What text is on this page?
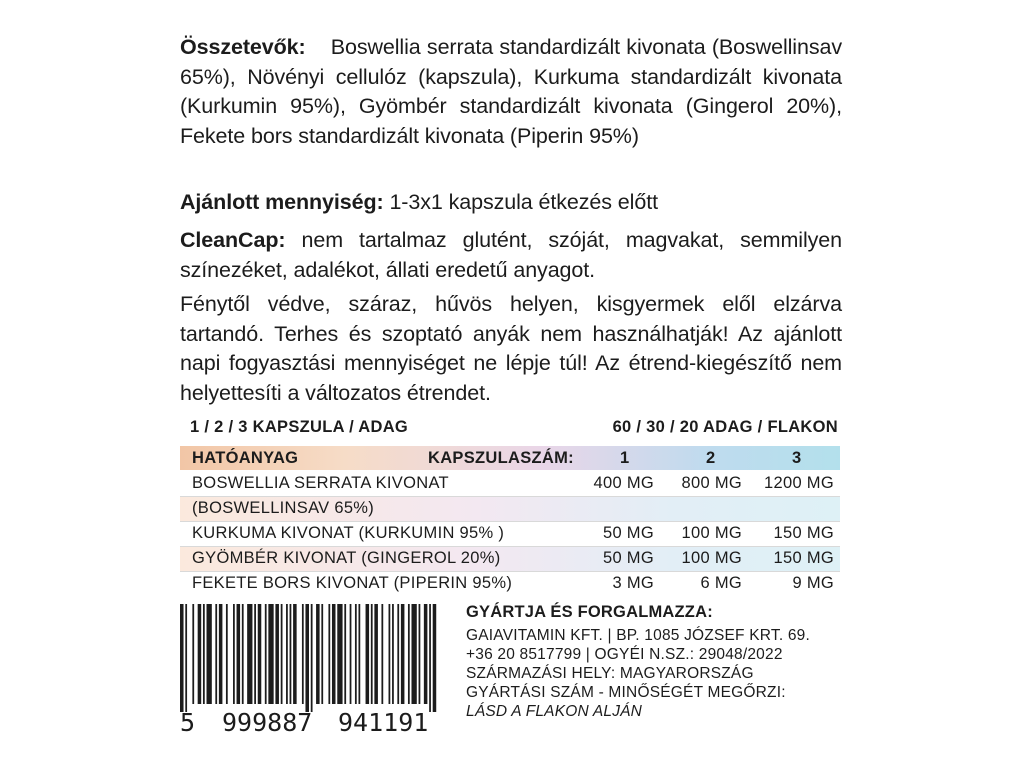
Összetevők: Boswellia serrata standardizált kivonata (Boswellinsav 65%), Növényi cellulóz (kapszula), Kurkuma standardizált kivonata (Kurkumin 95%), Gyömbér standardizált kivonata (Gingerol 20%), Fekete bors standardizált kivonata (Piperin 95%)
Ajánlott mennyiség: 1-3x1 kapszula étkezés előtt
CleanCap: nem tartalmaz glutént, szóját, magvakat, semmilyen színezéket, adalékot, állati eredetű anyagot.
Fénytől védve, száraz, hűvös helyen, kisgyermek elől elzárva tartandó. Terhes és szoptató anyák nem használhatják! Az ajánlott napi fogyasztási mennyiséget ne lépje túl! Az étrend-kiegészítő nem helyettesíti a változatos étrendet.
1 / 2 / 3 KAPSZULA / ADAG	60 / 30 / 20 ADAG / FLAKON
HATÓANYAG	KAPSZULASZÁM:	1	2	3
BOSWELLIA SERRATA KIVONAT	400 MG 800 MG 1200 MG
(BOSWELLINSAV 65%)
KURKUMA KIVONAT (KURKUMIN 95% )	50 MG 100 MG 150 MG
GYÖMBÉR KIVONAT (GINGEROL 20%)	50 MG 100 MG 150 MG
FEKETE BORS KIVONAT (PIPERIN 95%)	3 MG	6 MG	9 MG
5 999887 941191
GYÁRTJA ÉS FORGALMAZZA:
GAIAVITAMIN KFT. | BP. 1085 JÓZSEF KRT. 69.
+36 20 8517799 | OGYÉI N.SZ.: 29048/2022
SZÁRMAZÁSI HELY: MAGYARORSZÁG
GYÁRTÁSI SZÁM - MINŐSÉGÉT MEGŐRZI:
LÁSD A FLAKON ALJÁN
